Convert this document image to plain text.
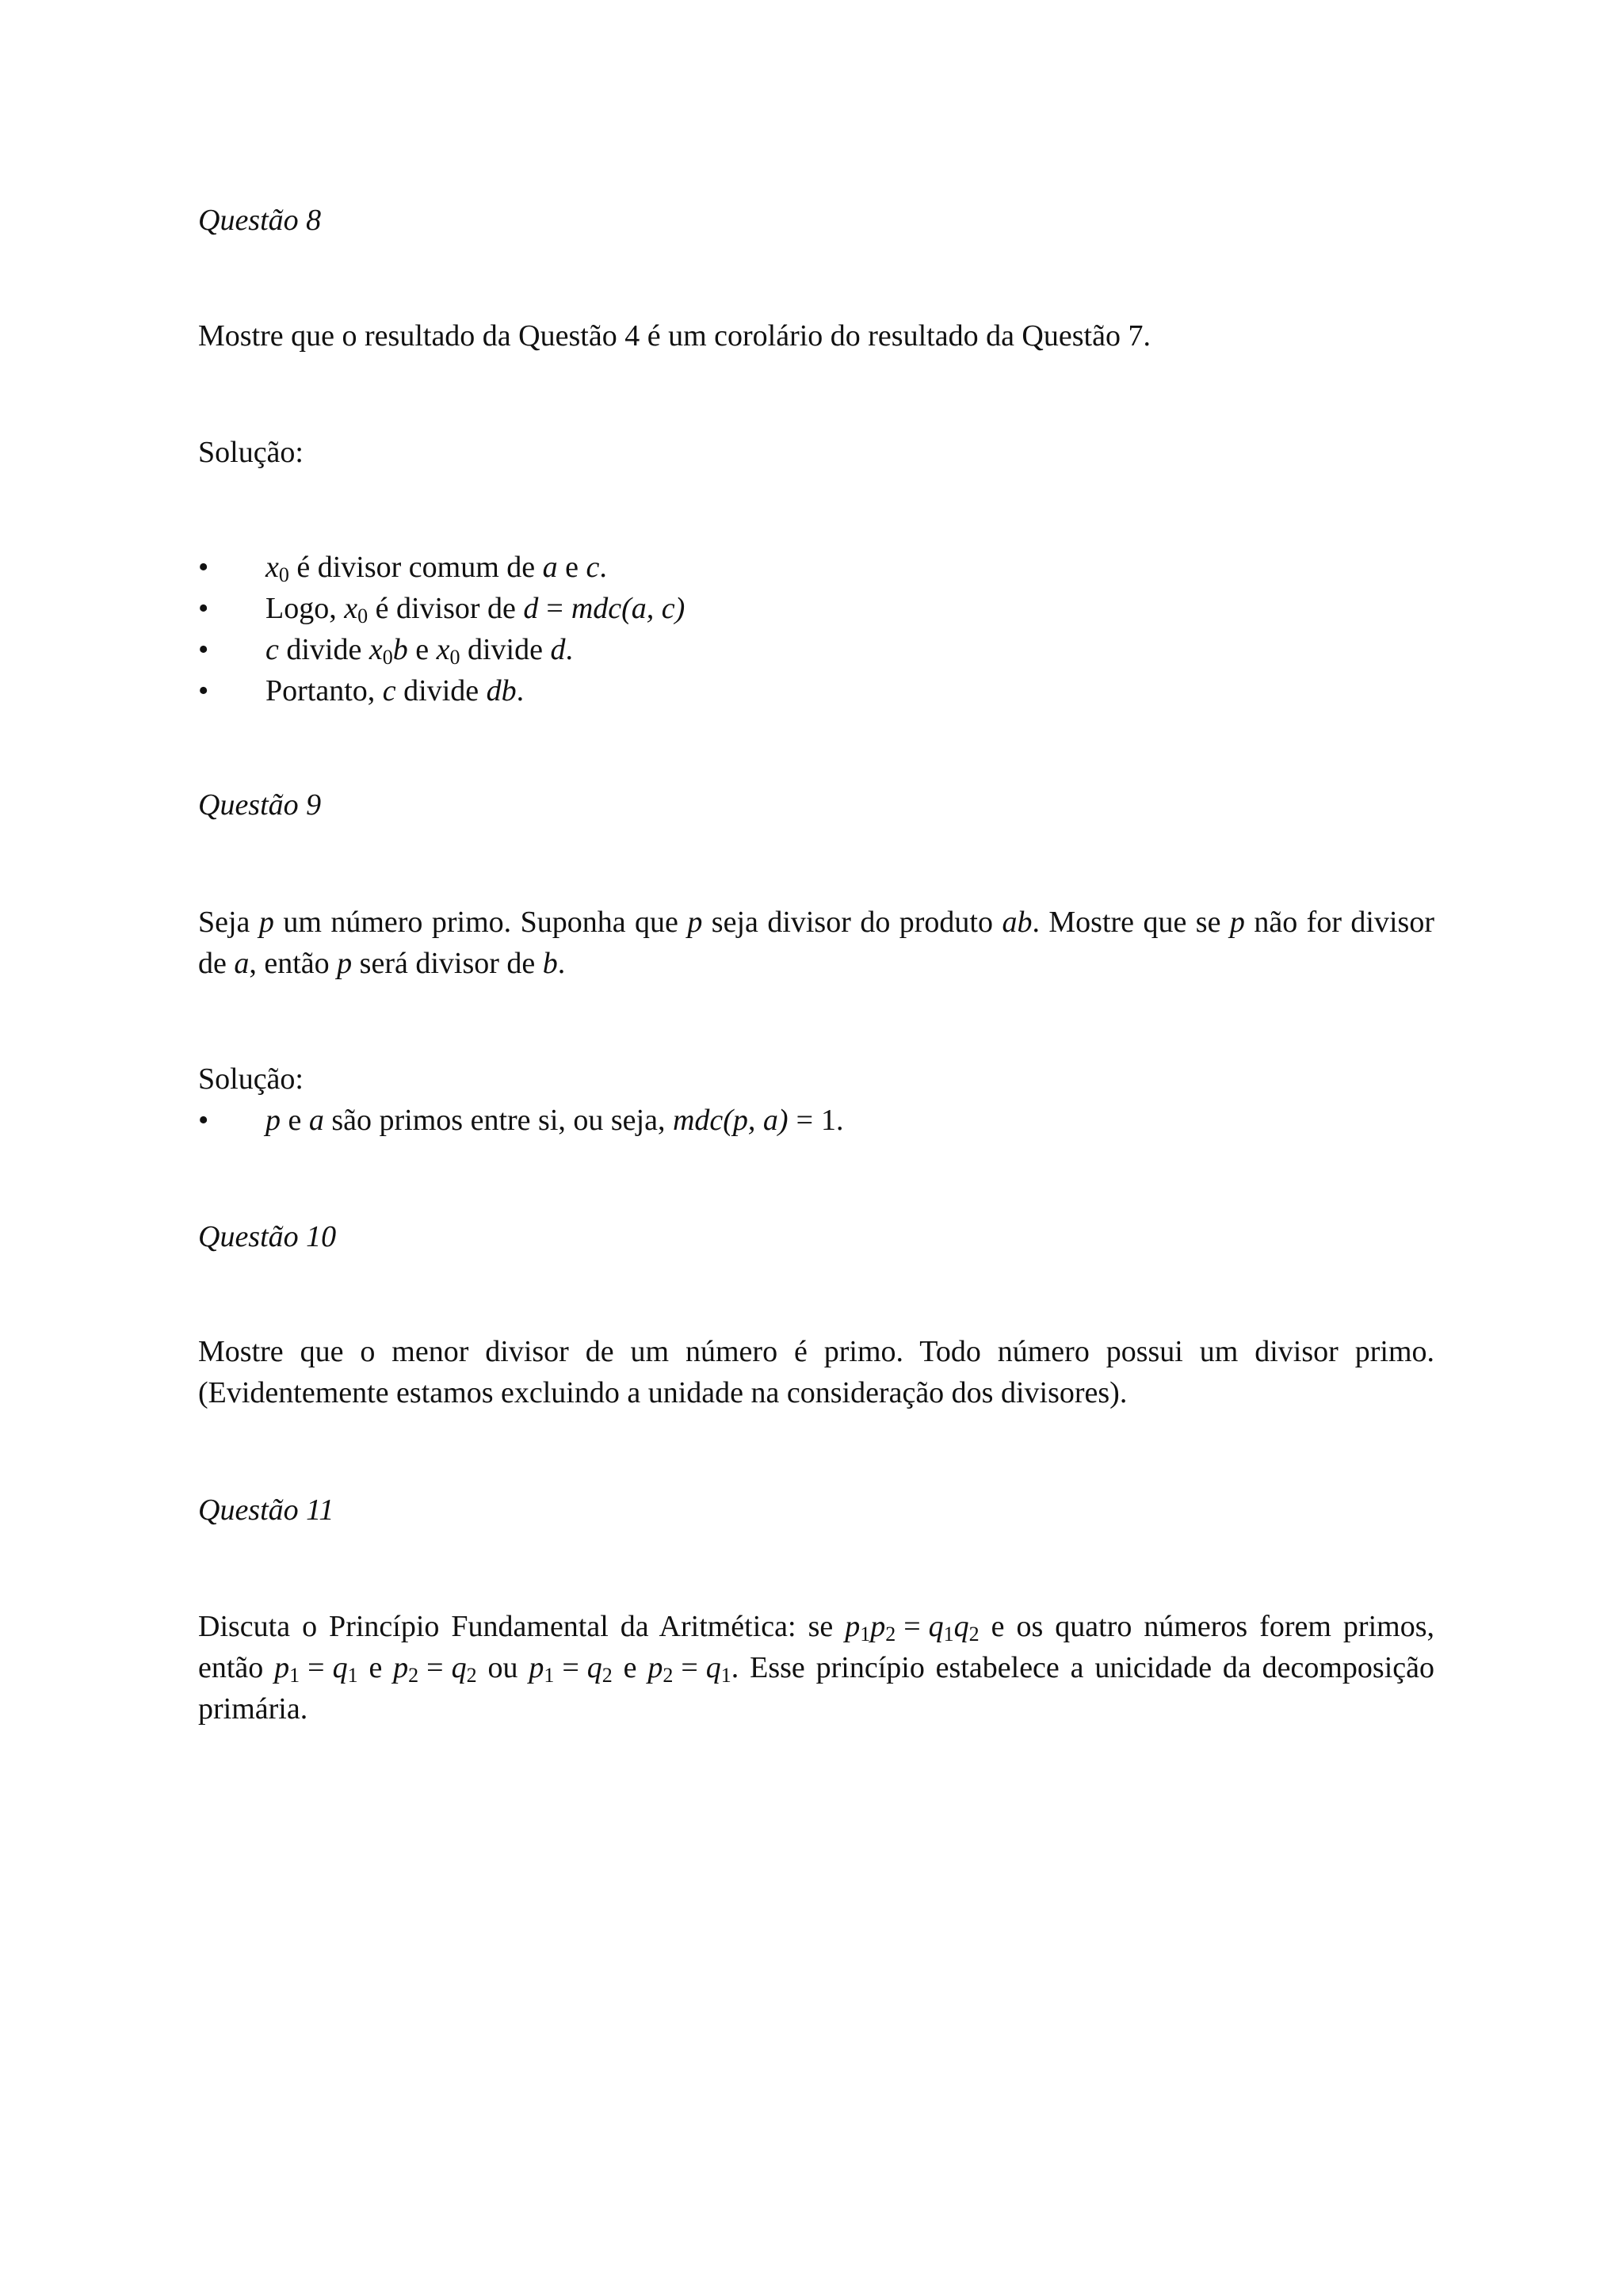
Questão 8
Mostre que o resultado da Questão 4 é um corolário do resultado da Questão 7.
Solução:
• $x_0$ é divisor comum de a e c.
• Logo, $x_0$ é divisor de d = mdc(a, c)
• c divide $x_0b$ e $x_0$ divide d.
• Portanto, c divide db.
Questão 9
Seja p um número primo. Suponha que p seja divisor do produto ab. Mostre que se p não for divisor de a, então p será divisor de b.
Solução:
• p e a são primos entre si, ou seja, mdc(p, a) = 1.
Questão 10
Mostre que o menor divisor de um número é primo. Todo número possui um divisor primo. (Evidentemente estamos excluindo a unidade na consideração dos divisores).
Questão 11
Discuta o Princípio Fundamental da Aritmética: se $p_1p_2 = q_1q_2$ e os quatro números forem primos, então $p_1 = q_1$ e $p_2 = q_2$ ou $p_1 = q_2$ e $p_2 = q_1$. Esse princípio estabelece a unicidade da decomposição primária.
